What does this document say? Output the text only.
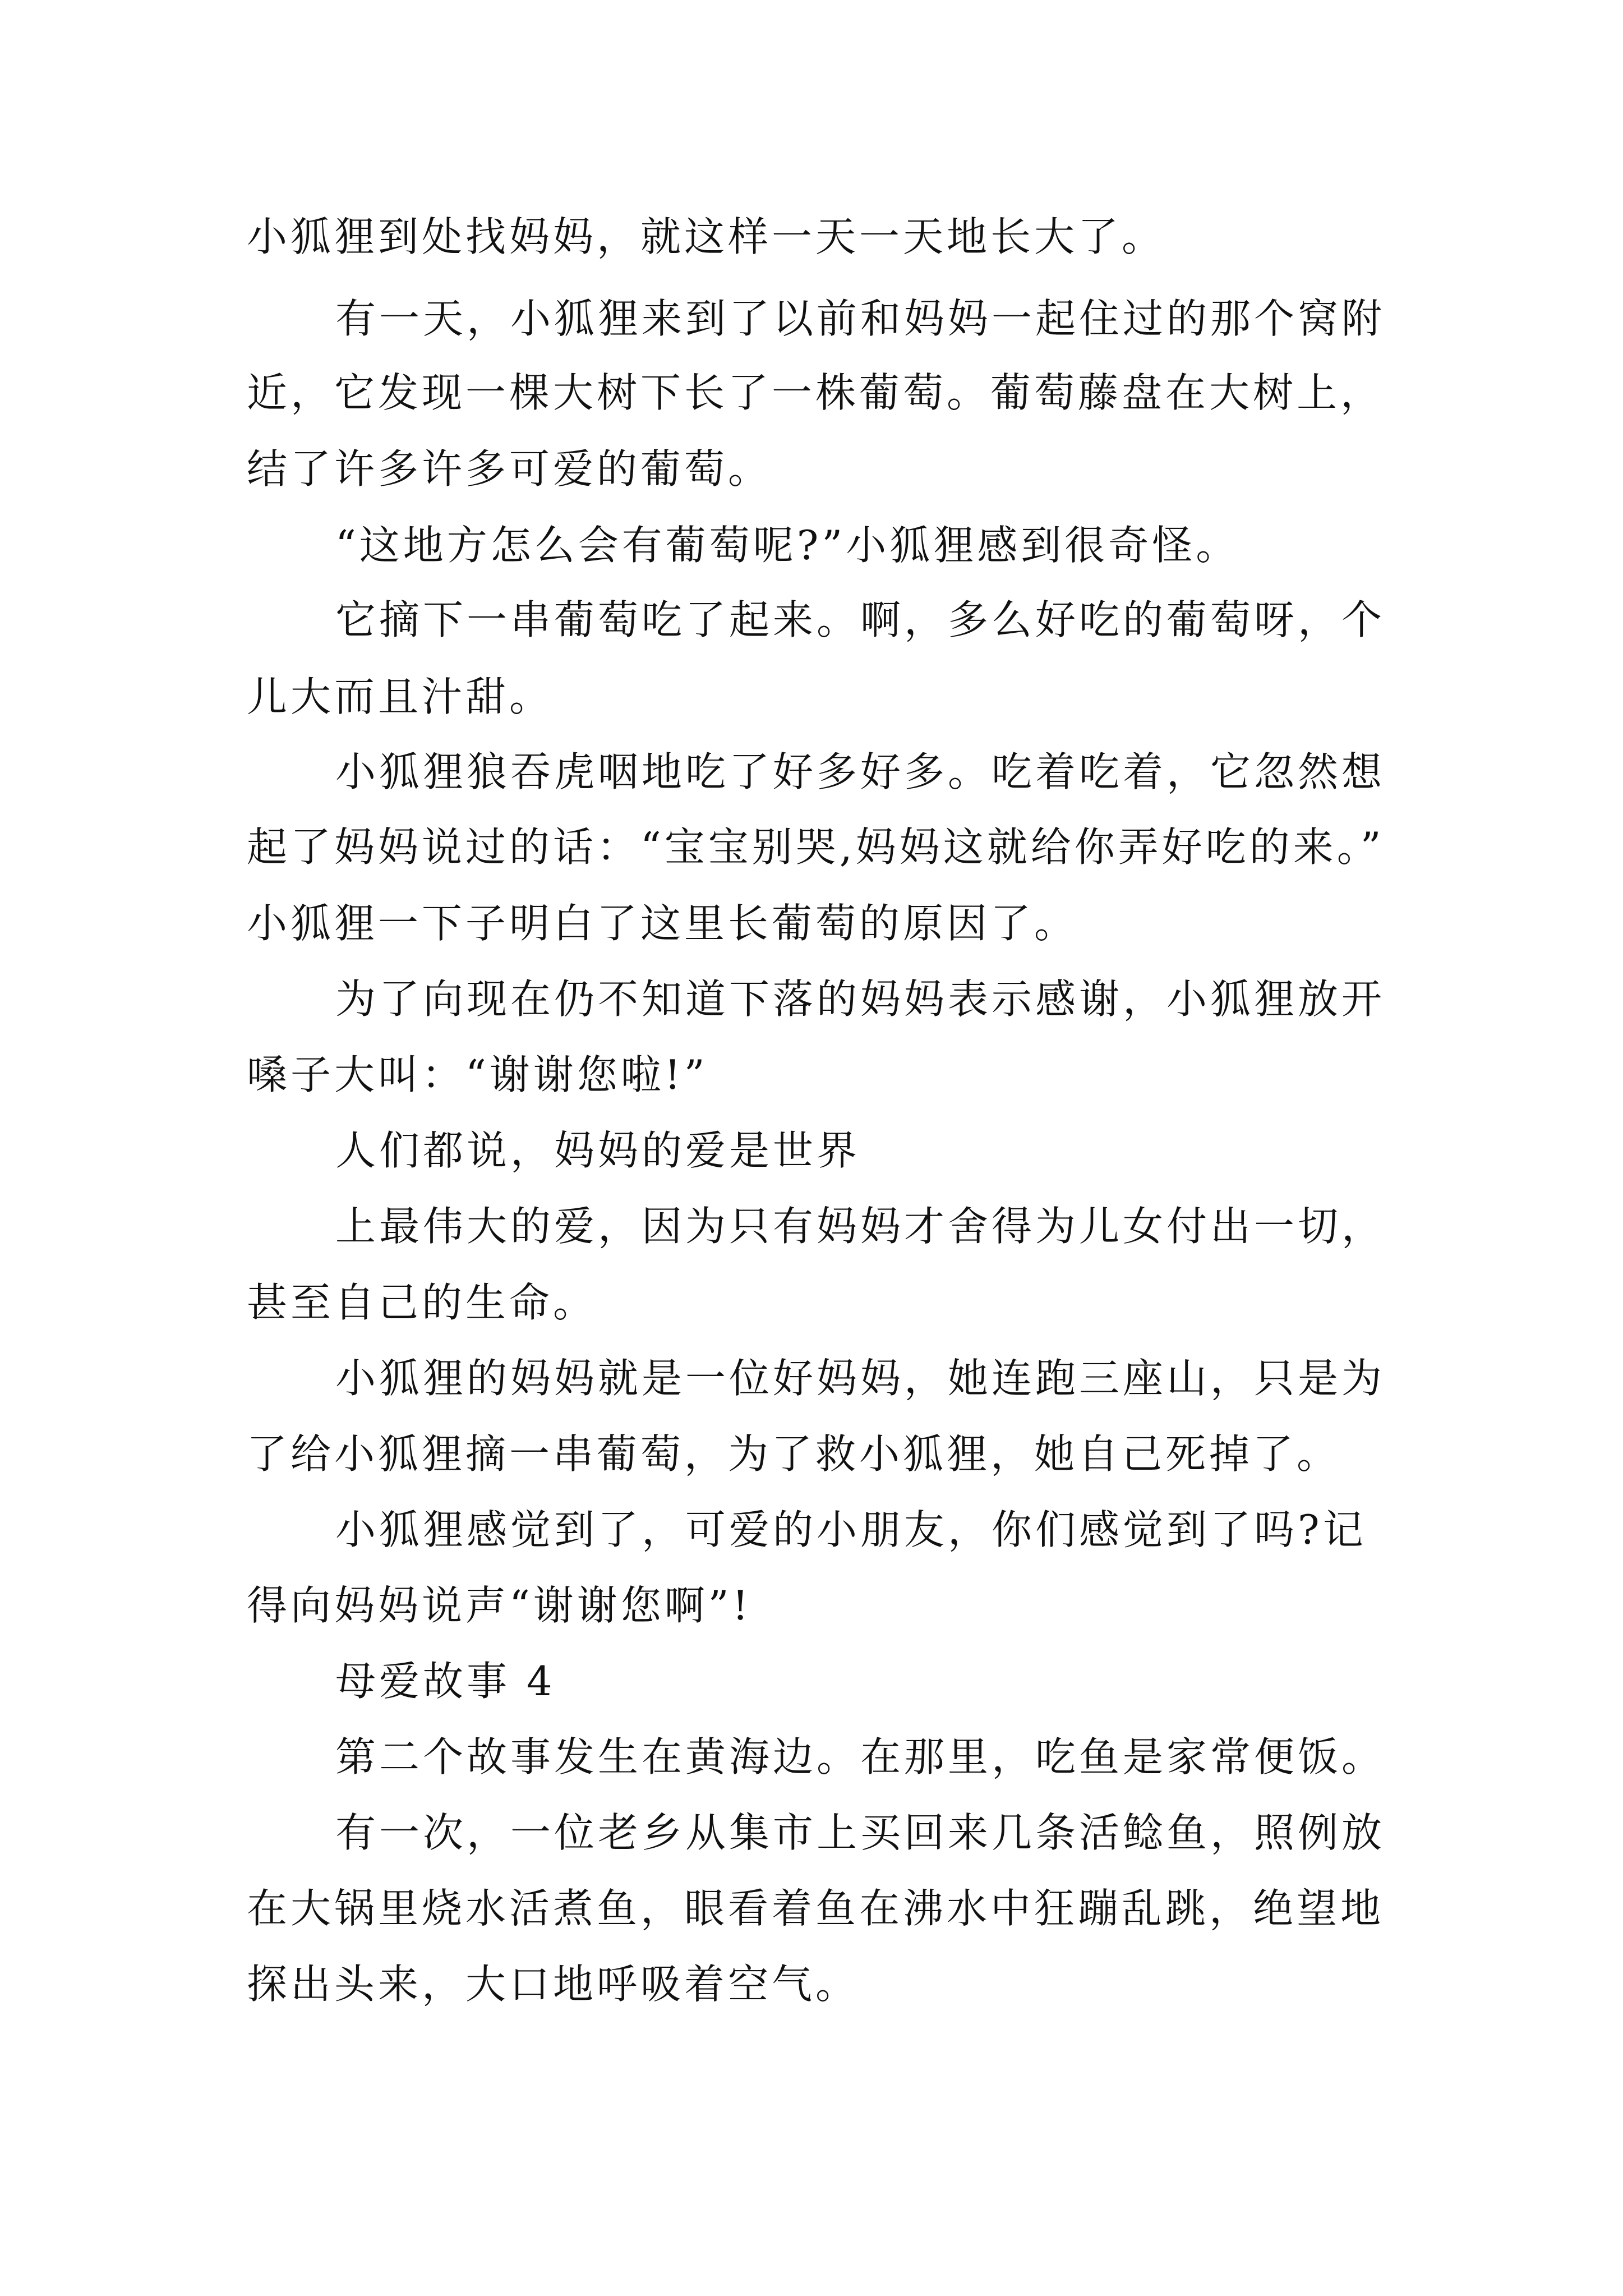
小狐狸到处找妈妈，就这样一天一天地长大了。
有一天，小狐狸来到了以前和妈妈一起住过的那个窝附
近，它发现一棵大树下长了一株葡萄。葡萄藤盘在大树上，
结了许多许多可爱的葡萄。
“这地方怎么会有葡萄呢?”小狐狸感到很奇怪。
它摘下一串葡萄吃了起来。啊，多么好吃的葡萄呀，个
儿大而且汁甜。
小狐狸狼吞虎咽地吃了好多好多。吃着吃着，它忽然想
起了妈妈说过的话：“宝宝别哭,妈妈这就给你弄好吃的来。”
小狐狸一下子明白了这里长葡萄的原因了。
为了向现在仍不知道下落的妈妈表示感谢，小狐狸放开
嗓子大叫：“谢谢您啦!”
人们都说，妈妈的爱是世界
上最伟大的爱，因为只有妈妈才舍得为儿女付出一切，
甚至自己的生命。
小狐狸的妈妈就是一位好妈妈，她连跑三座山，只是为
了给小狐狸摘一串葡萄，为了救小狐狸，她自己死掉了。
小狐狸感觉到了，可爱的小朋友，你们感觉到了吗?记
得向妈妈说声“谢谢您啊”!
母爱故事 4
第二个故事发生在黄海边。在那里，吃鱼是家常便饭。
有一次，一位老乡从集市上买回来几条活鲶鱼，照例放
在大锅里烧水活煮鱼，眼看着鱼在沸水中狂蹦乱跳，绝望地
探出头来，大口地呼吸着空气。
